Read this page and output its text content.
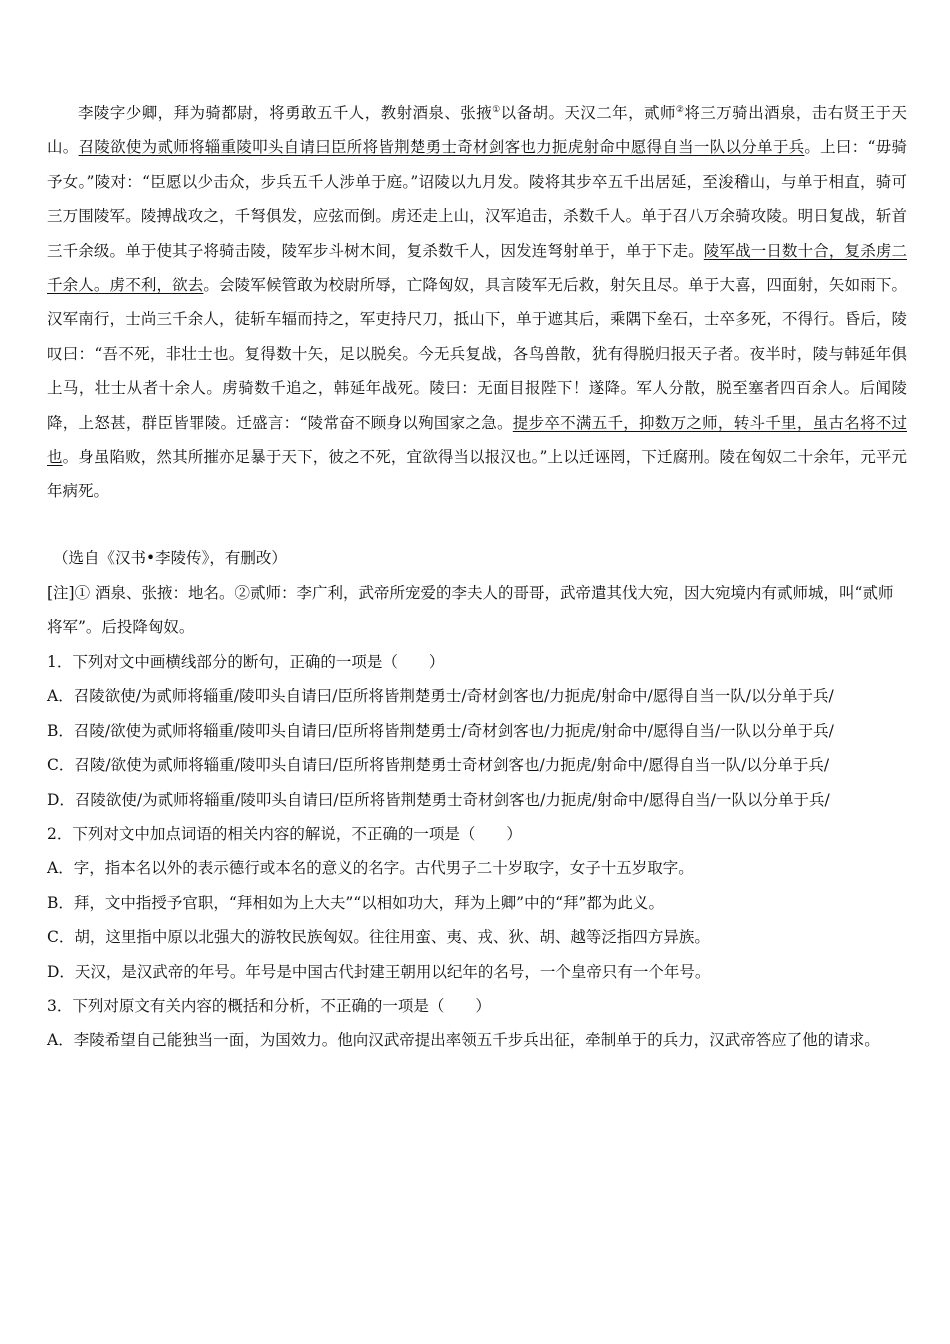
李陵字少卿，拜为骑都尉，将勇敢五千人，教射酒泉、张掖①以备胡。天汉二年，贰师②将三万骑出酒泉，击右贤王于天山。召陵欲使为贰师将辎重陵叩头自请曰臣所将皆荆楚勇士奇材剑客也力扼虎射命中愿得自当一队以分单于兵。上曰：“毋骑予女。”陵对：“臣愿以少击众，步兵五千人涉单于庭。”诏陵以九月发。陵将其步卒五千出居延，至浚稽山，与单于相直，骑可三万围陵军。陵搏战攻之，千弩俱发，应弦而倒。虏还走上山，汉军追击，杀数千人。单于召八万余骑攻陵。明日复战，斩首三千余级。单于使其子将骑击陵，陵军步斗树木间，复杀数千人，因发连弩射单于，单于下走。陵军战一日数十合，复杀虏二千余人。虏不利，欲去。会陵军候管敢为校尉所辱，亡降匈奴，具言陵军无后救，射矢且尽。单于大喜，四面射，矢如雨下。汉军南行，士尚三千余人，徒斩车辐而持之，军吏持尺刀，抵山下，单于遮其后，乘隅下垒石，士卒多死，不得行。昏后，陵叹曰：“吾不死，非壮士也。复得数十矢，足以脱矣。今无兵复战，各鸟兽散，犹有得脱归报天子者。夜半时，陵与韩延年俱上马，壮士从者十余人。虏骑数千追之，韩延年战死。陵曰：无面目报陛下！遂降。军人分散，脱至塞者四百余人。后闻陵降，上怒甚，群臣皆罪陵。迁盛言：“陵常奋不顾身以殉国家之急。提步卒不满五千，抑数万之师，转斗千里，虽古名将不过也。身虽陷败，然其所摧亦足暴于天下，彼之不死，宜欲得当以报汉也。”上以迁诬罔，下迁腐刑。陵在匈奴二十余年，元平元年病死。

（选自《汉书•李陵传》，有删改）
[注]① 酒泉、张掖：地名。②贰师：李广利，武帝所宠爱的李夫人的哥哥，武帝遣其伐大宛，因大宛境内有贰师城，叫“贰师将军”。后投降匈奴。

1．下列对文中画横线部分的断句，正确的一项是（　　）

A．召陵欲使/为贰师将辎重/陵叩头自请曰/臣所将皆荆楚勇士/奇材剑客也/力扼虎/射命中/愿得自当一队/以分单于兵/

B．召陵/欲使为贰师将辎重/陵叩头自请曰/臣所将皆荆楚勇士/奇材剑客也/力扼虎/射命中/愿得自当/一队以分单于兵/

C．召陵/欲使为贰师将辎重/陵叩头自请曰/臣所将皆荆楚勇士奇材剑客也/力扼虎/射命中/愿得自当一队/以分单于兵/

D．召陵欲使/为贰师将辎重/陵叩头自请曰/臣所将皆荆楚勇士奇材剑客也/力扼虎/射命中/愿得自当/一队以分单于兵/

2．下列对文中加点词语的相关内容的解说，不正确的一项是（　　）

A．字，指本名以外的表示德行或本名的意义的名字。古代男子二十岁取字，女子十五岁取字。

B．拜，文中指授予官职，“拜相如为上大夫”“以相如功大，拜为上卿”中的“拜”都为此义。

C．胡，这里指中原以北强大的游牧民族匈奴。往往用蛮、夷、戎、狄、胡、越等泛指四方异族。

D．天汉，是汉武帝的年号。年号是中国古代封建王朝用以纪年的名号，一个皇帝只有一个年号。

3．下列对原文有关内容的概括和分析，不正确的一项是（　　）

A．李陵希望自己能独当一面，为国效力。他向汉武帝提出率领五千步兵出征，牵制单于的兵力，汉武帝答应了他的请求。
